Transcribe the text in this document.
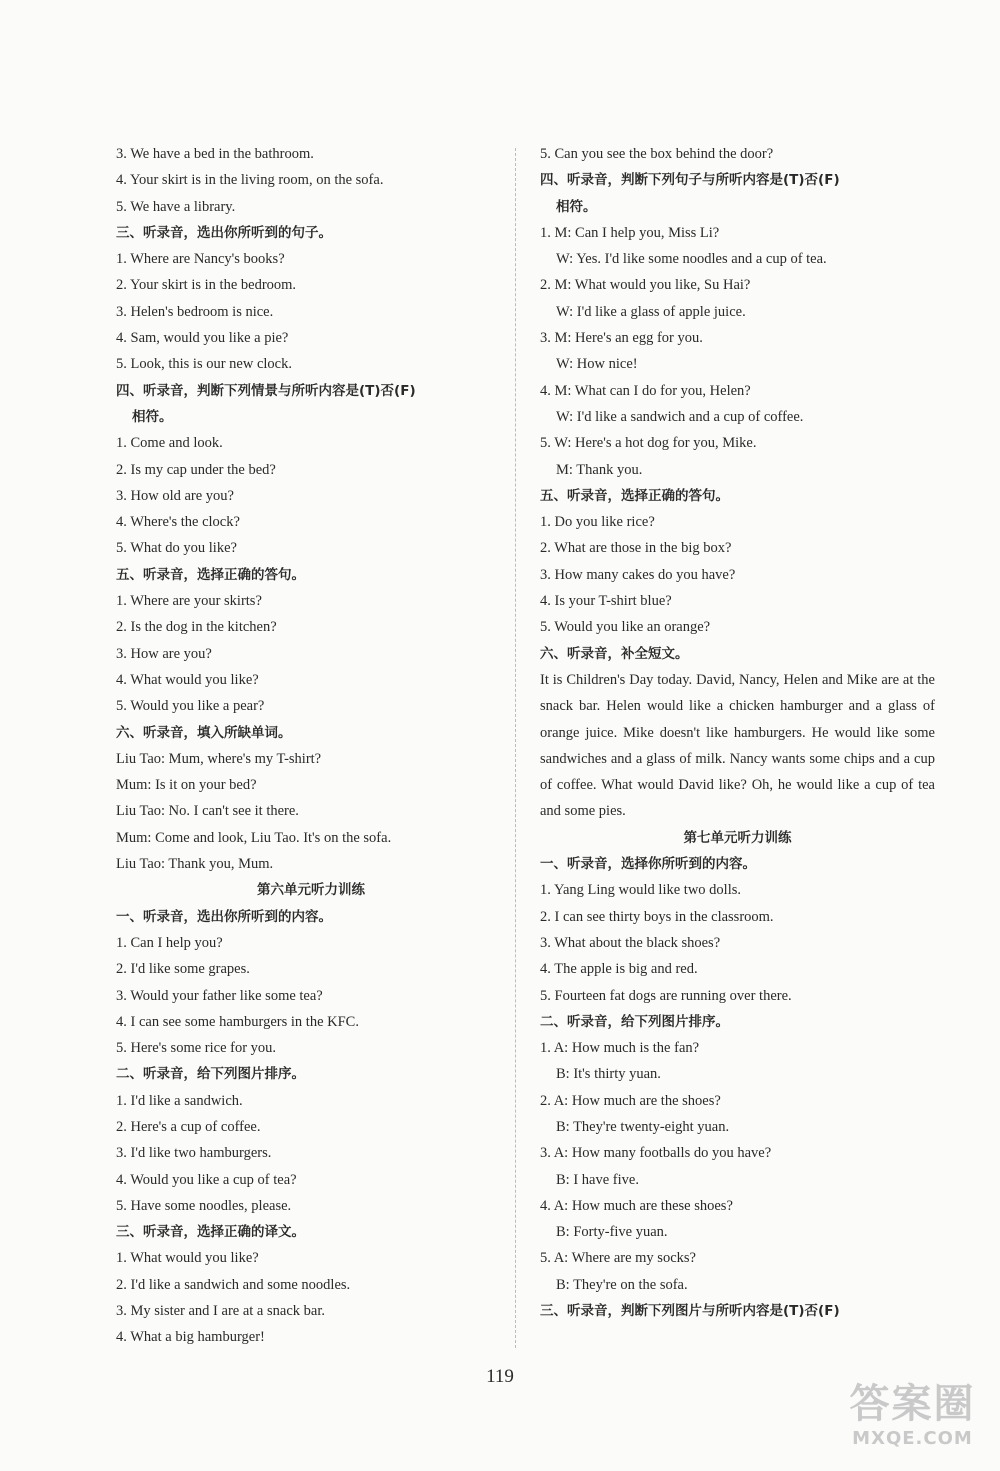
3. We have a bed in the bathroom.
4. Your skirt is in the living room, on the sofa.
5. We have a library.
三、听录音，选出你所听到的句子。
1. Where are Nancy's books?
2. Your skirt is in the bedroom.
3. Helen's bedroom is nice.
4. Sam, would you like a pie?
5. Look, this is our new clock.
四、听录音，判断下列情景与所听内容是(T)否(F)
相符。
1. Come and look.
2. Is my cap under the bed?
3. How old are you?
4. Where's the clock?
5. What do you like?
五、听录音，选择正确的答句。
1. Where are your skirts?
2. Is the dog in the kitchen?
3. How are you?
4. What would you like?
5. Would you like a pear?
六、听录音，填入所缺单词。
Liu Tao: Mum, where's my T-shirt?
Mum: Is it on your bed?
Liu Tao: No. I can't see it there.
Mum: Come and look, Liu Tao. It's on the sofa.
Liu Tao: Thank you, Mum.
第六单元听力训练
一、听录音，选出你所听到的内容。
1. Can I help you?
2. I'd like some grapes.
3. Would your father like some tea?
4. I can see some hamburgers in the KFC.
5. Here's some rice for you.
二、听录音，给下列图片排序。
1. I'd like a sandwich.
2. Here's a cup of coffee.
3. I'd like two hamburgers.
4. Would you like a cup of tea?
5. Have some noodles, please.
三、听录音，选择正确的译文。
1. What would you like?
2. I'd like a sandwich and some noodles.
3. My sister and I are at a snack bar.
4. What a big hamburger!
5. Can you see the box behind the door?
四、听录音，判断下列句子与所听内容是(T)否(F)
相符。
1. M: Can I help you, Miss Li?
W: Yes. I'd like some noodles and a cup of tea.
2. M: What would you like, Su Hai?
W: I'd like a glass of apple juice.
3. M: Here's an egg for you.
W: How nice!
4. M: What can I do for you, Helen?
W: I'd like a sandwich and a cup of coffee.
5. W: Here's a hot dog for you, Mike.
M: Thank you.
五、听录音，选择正确的答句。
1. Do you like rice?
2. What are those in the big box?
3. How many cakes do you have?
4. Is your T-shirt blue?
5. Would you like an orange?
六、听录音，补全短文。
It is Children's Day today. David, Nancy, Helen and Mike are at the snack bar. Helen would like a chicken hamburger and a glass of orange juice. Mike doesn't like hamburgers. He would like some sandwiches and a glass of milk. Nancy wants some chips and a cup of coffee. What would David like? Oh, he would like a cup of tea and some pies.
第七单元听力训练
一、听录音，选择你所听到的内容。
1. Yang Ling would like two dolls.
2. I can see thirty boys in the classroom.
3. What about the black shoes?
4. The apple is big and red.
5. Fourteen fat dogs are running over there.
二、听录音，给下列图片排序。
1. A: How much is the fan?
B: It's thirty yuan.
2. A: How much are the shoes?
B: They're twenty-eight yuan.
3. A: How many footballs do you have?
B: I have five.
4. A: How much are these shoes?
B: Forty-five yuan.
5. A: Where are my socks?
B: They're on the sofa.
三、听录音，判断下列图片与所听内容是(T)否(F)
119
答案圈
MXQE.COM
